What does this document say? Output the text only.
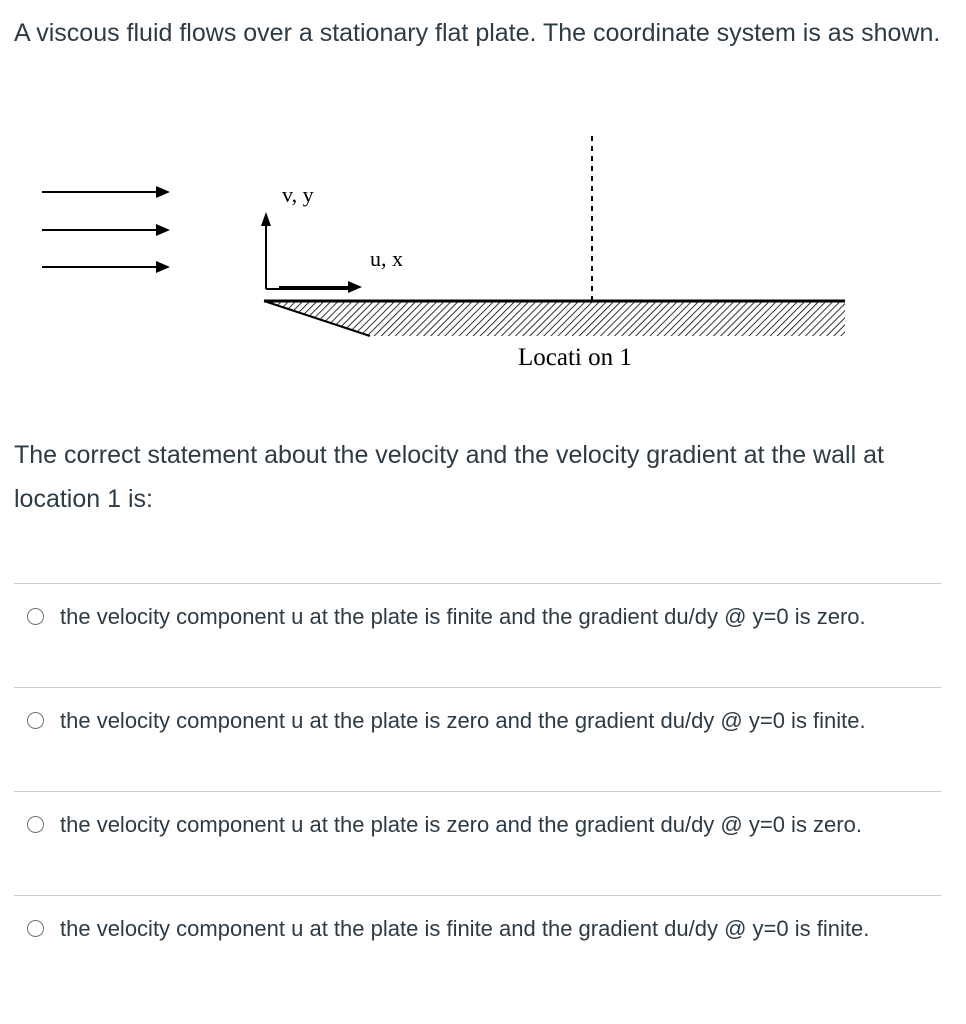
A viscous fluid flows over a stationary flat plate. The coordinate system is as shown.

v, y
u, x
Locati on 1

The correct statement about the velocity and the velocity gradient at the wall at location 1 is:

the velocity component u at the plate is finite and the gradient du/dy @ y=0 is zero.
the velocity component u at the plate is zero and the gradient du/dy @ y=0 is finite.
the velocity component u at the plate is zero and the gradient du/dy @ y=0 is zero.
the velocity component u at the plate is finite and the gradient du/dy @ y=0 is finite.
